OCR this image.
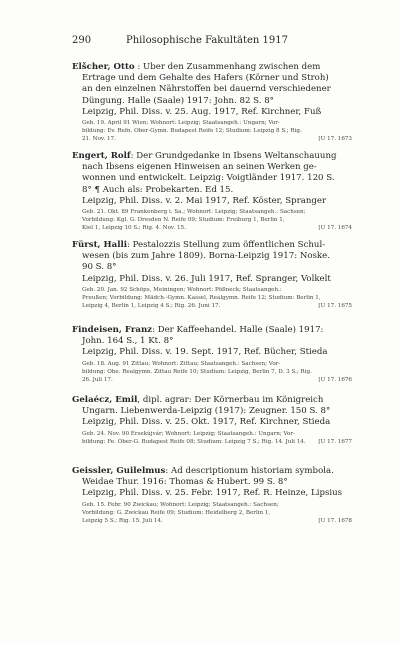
290	Philosophische Fakultäten 1917
Elšcher, Otto : Über den Zusammenhang zwischen dem
Ertrage und dem Gehalte des Hafers (Körner und Stroh)
an den einzelnen Nährstoffen bei dauernd verschiedener
Düngung. Halle (Saale) 1917: John. 82 S. 8°
Leipzig, Phil. Diss. v. 25. Aug. 1917, Ref. Kirchner, Fuß
Geb. 19. April 91 Wien; Wohnort: Leipzig; Staatsangeh.: Ungarn; Vor-
bildung: Ev. Refn. Ober-Gymn. Budapest Reife 12; Studium: Leipzig 8 S.; Rig.
21. Nov. 17.	[U 17. 1673
Engert, Rolf: Der Grundgedanke in Ibsens Weltanschauung
nach Ibsens eigenen Hinweisen an seinen Werken ge-
wonnen und entwickelt. Leipzig: Voigtländer 1917. 120 S.
8° ¶ Auch als: Probekarten. Ed 15.
Leipzig, Phil. Diss. v. 2. Mai 1917, Ref. Köster, Spranger
Geb. 21. Okt. 89 Frankenberg i. Sa.; Wohnort: Leipzig; Staatsangeh.: Sachsen;
Vorbildung: Kgl. G. Dresden N. Reife 09; Studium: Freiburg 1, Berlin 1,
Kiel 1, Leipzig 10 S.; Rig. 4. Nov. 15.	[U 17. 1674
Fürst, Halli: Pestalozzis Stellung zum öffentlichen Schul-
wesen (bis zum Jahre 1809). Borna-Leipzig 1917: Noske.
90 S. 8°
Leipzig, Phil. Diss. v. 26. Juli 1917, Ref. Spranger, Volkelt
Geb. 20. Jan. 92 Schöps, Meiningen; Wohnort: Pößneck; Staatsangeh.:
Preußen; Vorbildung: Mädch.-Gymn. Kassel, Realgymn. Reife 12; Studium: Berlin 1,
Leipzig 4, Berlin 1, Leipzig 4 S.; Rig. 26. Juni 17.	[U 17. 1675
Findeisen, Franz: Der Kaffeehandel. Halle (Saale) 1917:
John. 164 S., 1 Kt. 8°
Leipzig, Phil. Diss. v. 19. Sept. 1917, Ref. Bücher, Stieda
Geb. 18. Aug. 91 Zittau; Wohnort: Zittau; Staatsangeh.: Sachsen; Vor-
bildung: Obe. Realgymn. Zittau Reife 10; Studium: Leipzig, Berlin 7, D. 3 S.; Rig.
26. Juli 17.	[U 17. 1676
Gelaécz, Emil, dipl. agrar: Der Körnerbau im Königreich
Ungarn. Liebenwerda-Leipzig (1917): Zeugner. 150 S. 8°
Leipzig, Phil. Diss. v. 25. Okt. 1917, Ref. Kirchner, Stieda
Geb. 24. Nov. 90 Érsekújvár; Wohnort: Leipzig; Staatsangeh.: Ungarn; Vor-
bildung: Fe. Ober-G. Budapest Reife 08; Studium: Leipzig 7 S.; Rig. 14. Juli 14.	[U 17. 1677
Geissler, Guilelmus: Ad descriptionum historiam symbola.
Weidae Thur. 1916: Thomas & Hubert. 99 S. 8°
Leipzig, Phil. Diss. v. 25. Febr. 1917, Ref. R. Heinze, Lipsius
Geb. 15. Febr. 90 Zwickau; Wohnort: Leipzig; Staatsangeh.: Sachsen;
Vorbildung: G. Zwickau Reife 09; Studium: Heidelberg 2, Berlin 1,
Leipzig 5 S.; Rig. 15. Juli 14.	[U 17. 1678
